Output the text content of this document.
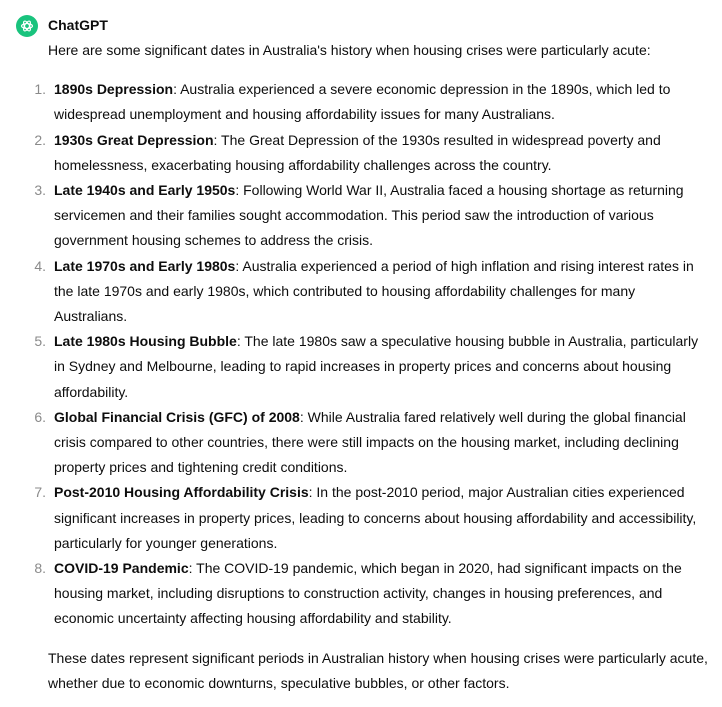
ChatGPT

Here are some significant dates in Australia's history when housing crises were particularly acute:

1. 1890s Depression: Australia experienced a severe economic depression in the 1890s, which led to widespread unemployment and housing affordability issues for many Australians.
2. 1930s Great Depression: The Great Depression of the 1930s resulted in widespread poverty and homelessness, exacerbating housing affordability challenges across the country.
3. Late 1940s and Early 1950s: Following World War II, Australia faced a housing shortage as returning servicemen and their families sought accommodation. This period saw the introduction of various government housing schemes to address the crisis.
4. Late 1970s and Early 1980s: Australia experienced a period of high inflation and rising interest rates in the late 1970s and early 1980s, which contributed to housing affordability challenges for many Australians.
5. Late 1980s Housing Bubble: The late 1980s saw a speculative housing bubble in Australia, particularly in Sydney and Melbourne, leading to rapid increases in property prices and concerns about housing affordability.
6. Global Financial Crisis (GFC) of 2008: While Australia fared relatively well during the global financial crisis compared to other countries, there were still impacts on the housing market, including declining property prices and tightening credit conditions.
7. Post-2010 Housing Affordability Crisis: In the post-2010 period, major Australian cities experienced significant increases in property prices, leading to concerns about housing affordability and accessibility, particularly for younger generations.
8. COVID-19 Pandemic: The COVID-19 pandemic, which began in 2020, had significant impacts on the housing market, including disruptions to construction activity, changes in housing preferences, and economic uncertainty affecting housing affordability and stability.

These dates represent significant periods in Australian history when housing crises were particularly acute, whether due to economic downturns, speculative bubbles, or other factors.
